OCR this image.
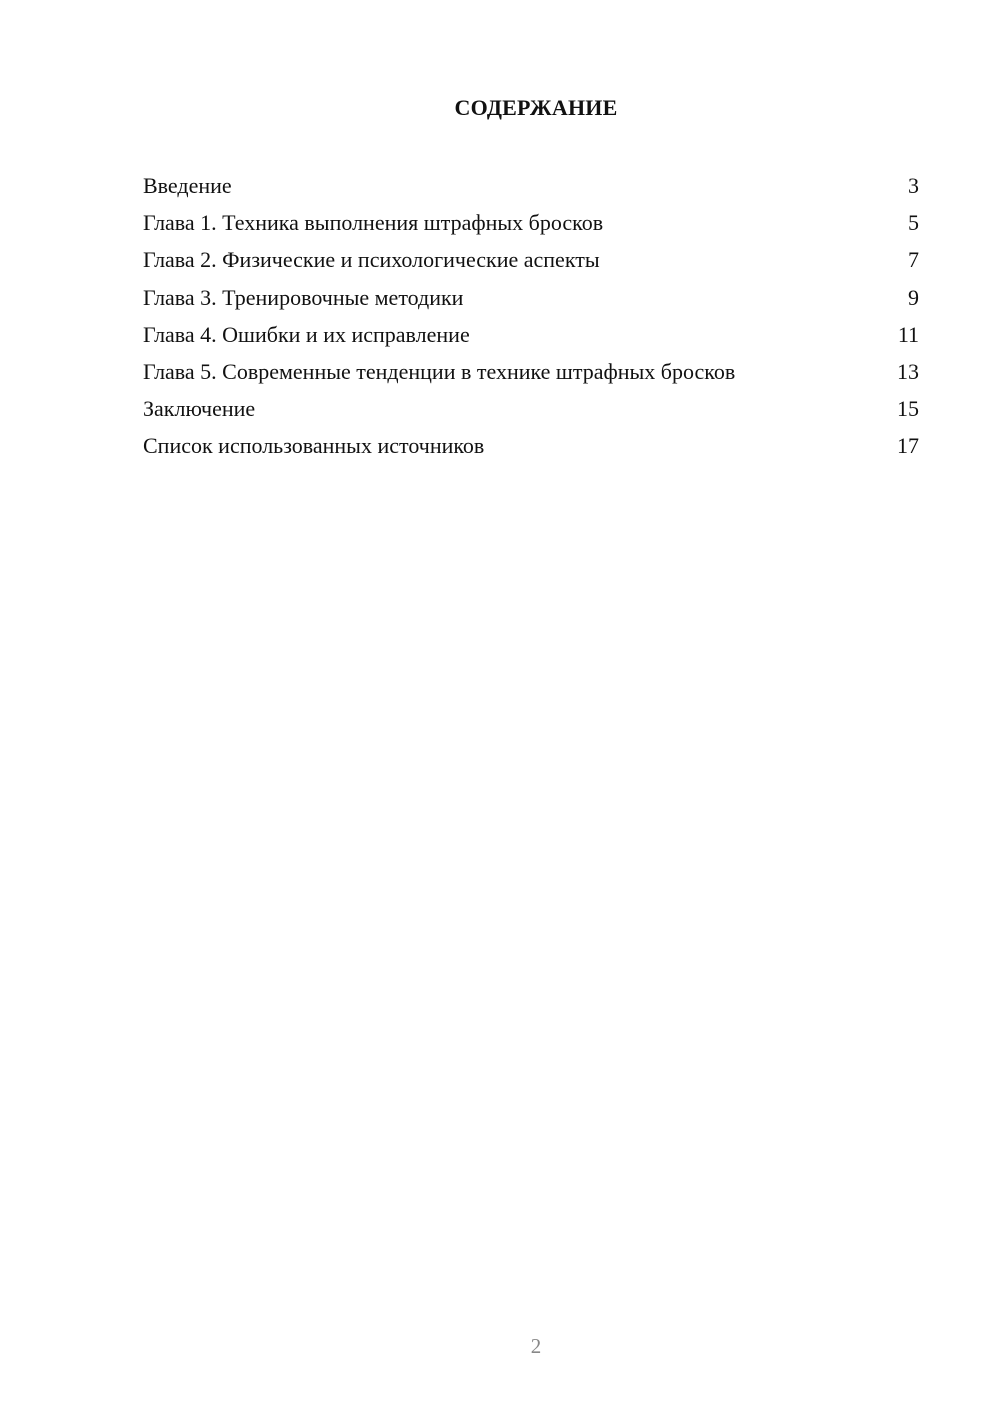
СОДЕРЖАНИЕ
Введение	3
Глава 1. Техника выполнения штрафных бросков	5
Глава 2. Физические и психологические аспекты	7
Глава 3. Тренировочные методики	9
Глава 4. Ошибки и их исправление	11
Глава 5. Современные тенденции в технике штрафных бросков	13
Заключение	15
Список использованных источников	17
2
